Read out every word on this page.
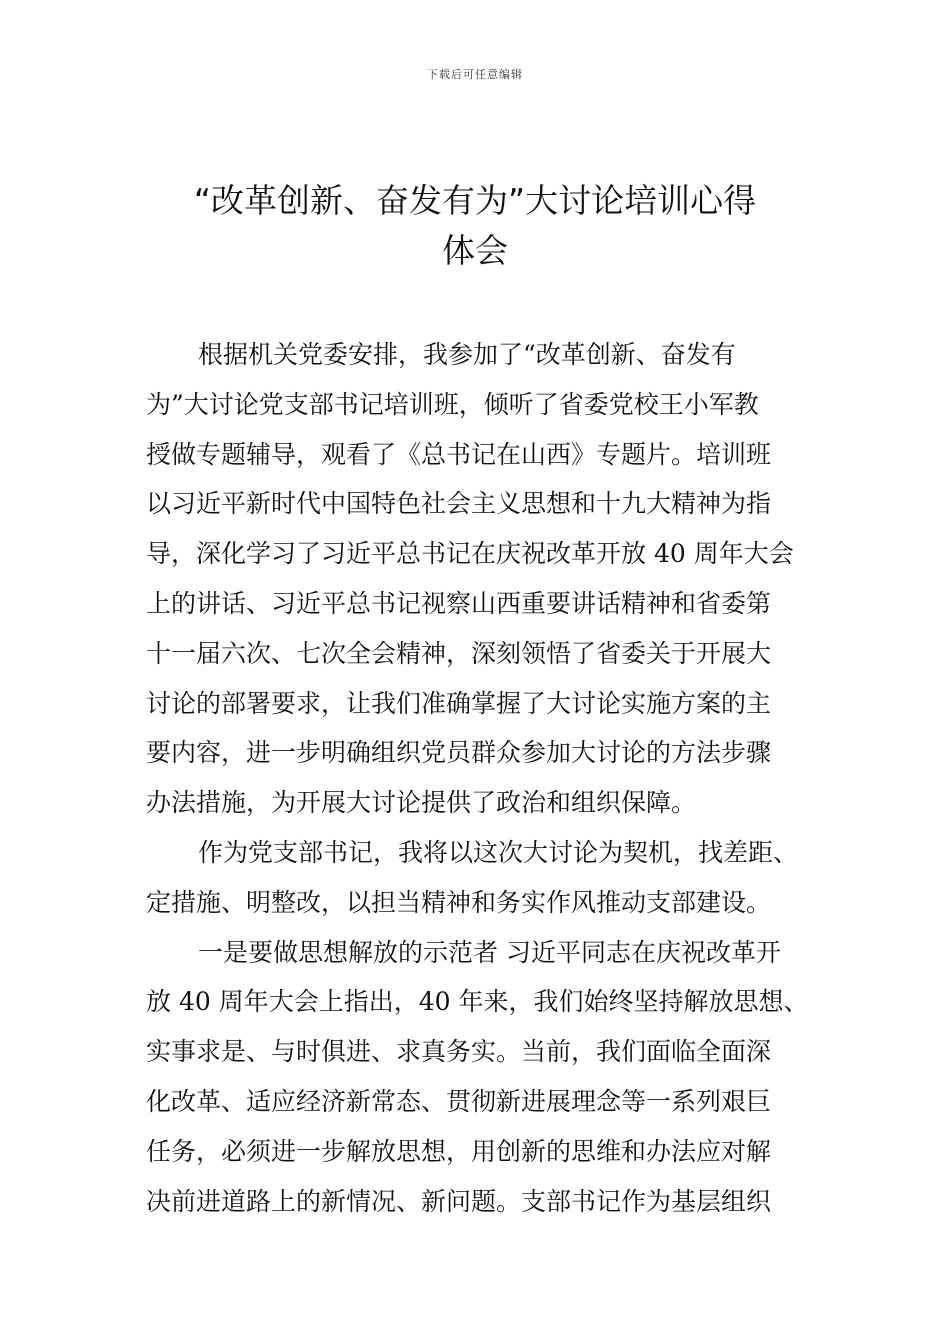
下载后可任意编辑
“改革创新、奋发有为”大讨论培训心得
体会

根据机关党委安排，我参加了“改革创新、奋发有
为”大讨论党支部书记培训班，倾听了省委党校王小军教
授做专题辅导，观看了《总书记在山西》专题片。培训班
以习近平新时代中国特色社会主义思想和十九大精神为指
导，深化学习了习近平总书记在庆祝改革开放 40 周年大会
上的讲话、习近平总书记视察山西重要讲话精神和省委第
十一届六次、七次全会精神，深刻领悟了省委关于开展大
讨论的部署要求，让我们准确掌握了大讨论实施方案的主
要内容，进一步明确组织党员群众参加大讨论的方法步骤
办法措施，为开展大讨论提供了政治和组织保障。

作为党支部书记，我将以这次大讨论为契机，找差距、
定措施、明整改，以担当精神和务实作风推动支部建设。

一是要做思想解放的示范者 习近平同志在庆祝改革开
放 40 周年大会上指出，40 年来，我们始终坚持解放思想、
实事求是、与时俱进、求真务实。当前，我们面临全面深
化改革、适应经济新常态、贯彻新进展理念等一系列艰巨
任务，必须进一步解放思想，用创新的思维和办法应对解
决前进道路上的新情况、新问题。支部书记作为基层组织
